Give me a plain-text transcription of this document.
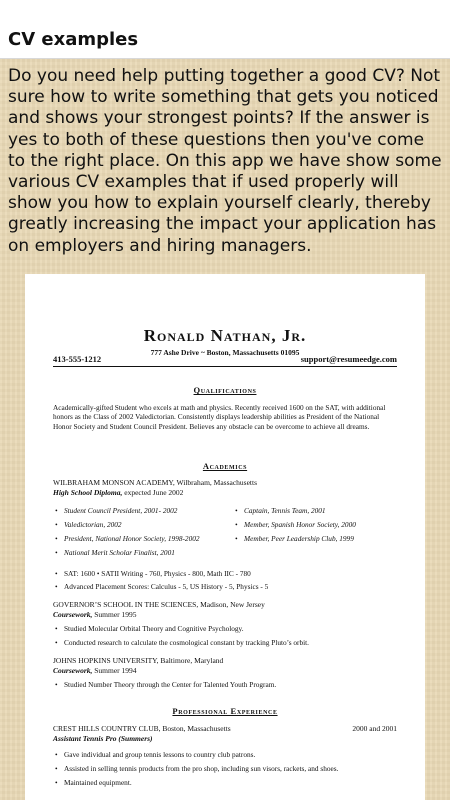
CV examples

Do you need help putting together a good CV? Not sure how to write something that gets you noticed and shows your strongest points? If the answer is yes to both of these questions then you've come to the right place. On this app we have show some various CV examples that if used properly will show you how to explain yourself clearly, thereby greatly increasing the impact your application has on employers and hiring managers.

Ronald Nathan, Jr.
777 Ashe Drive ~ Boston, Massachusetts 01095
413-555-1212	support@resumeedge.com
Qualifications

Academically-gifted Student who excels at math and physics. Recently received 1600 on the SAT, with additional honors as the Class of 2002 Valedictorian. Consistently displays leadership abilities as President of the National Honor Society and Student Council President. Believes any obstacle can be overcome to achieve all dreams.

Academics
WILBRAHAM MONSON ACADEMY, Wilbraham, Massachusetts
High School Diploma, expected June 2002
• Student Council President, 2001- 2002
• Valedictorian, 2002
• President, National Honor Society, 1998-2002
• National Merit Scholar Finalist, 2001
• Captain, Tennis Team, 2001
• Member, Spanish Honor Society, 2000
• Member, Peer Leadership Club, 1999
• SAT: 1600 • SATII Writing - 760, Physics - 800, Math IIC - 780
• Advanced Placement Scores: Calculus - 5, US History - 5, Physics - 5
GOVERNOR’S SCHOOL IN THE SCIENCES, Madison, New Jersey
Coursework, Summer 1995
• Studied Molecular Orbital Theory and Cognitive Psychology.
• Conducted research to calculate the cosmological constant by tracking Pluto’s orbit.
JOHNS HOPKINS UNIVERSITY, Baltimore, Maryland
Coursework, Summer 1994
• Studied Number Theory through the Center for Talented Youth Program.
Professional Experience
CREST HILLS COUNTRY CLUB, Boston, Massachusetts	2000 and 2001
Assistant Tennis Pro (Summers)
• Gave individual and group tennis lessons to country club patrons.
• Assisted in selling tennis products from the pro shop, including sun visors, rackets, and shoes.
• Maintained equipment.
